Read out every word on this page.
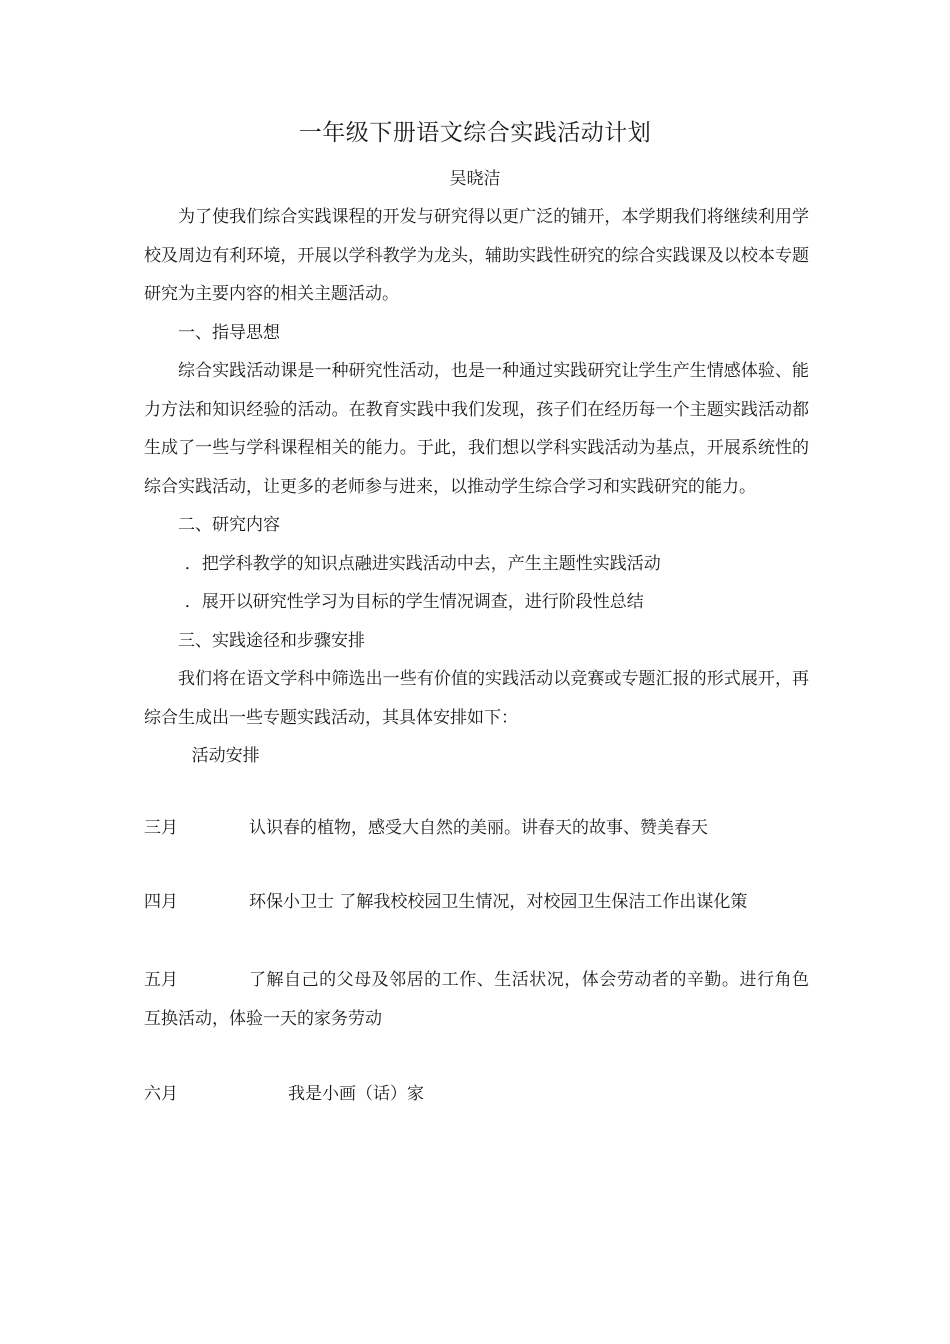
一年级下册语文综合实践活动计划
吴晓洁

为了使我们综合实践课程的开发与研究得以更广泛的铺开，本学期我们将继续利用学校及周边有利环境，开展以学科教学为龙头，辅助实践性研究的综合实践课及以校本专题研究为主要内容的相关主题活动。

一、指导思想

综合实践活动课是一种研究性活动，也是一种通过实践研究让学生产生情感体验、能力方法和知识经验的活动。在教育实践中我们发现，孩子们在经历每一个主题实践活动都生成了一些与学科课程相关的能力。于此，我们想以学科实践活动为基点，开展系统性的综合实践活动，让更多的老师参与进来，以推动学生综合学习和实践研究的能力。

二、研究内容

．把学科教学的知识点融进实践活动中去，产生主题性实践活动

．展开以研究性学习为目标的学生情况调查，进行阶段性总结

三、实践途径和步骤安排

我们将在语文学科中筛选出一些有价值的实践活动以竞赛或专题汇报的形式展开，再综合生成出一些专题实践活动，其具体安排如下：

活动安排

三月	认识春的植物，感受大自然的美丽。讲春天的故事、赞美春天

四月	环保小卫士 了解我校校园卫生情况，对校园卫生保洁工作出谋化策

五月	了解自己的父母及邻居的工作、生活状况，体会劳动者的辛勤。进行角色互换活动，体验一天的家务劳动

六月	我是小画（话）家
